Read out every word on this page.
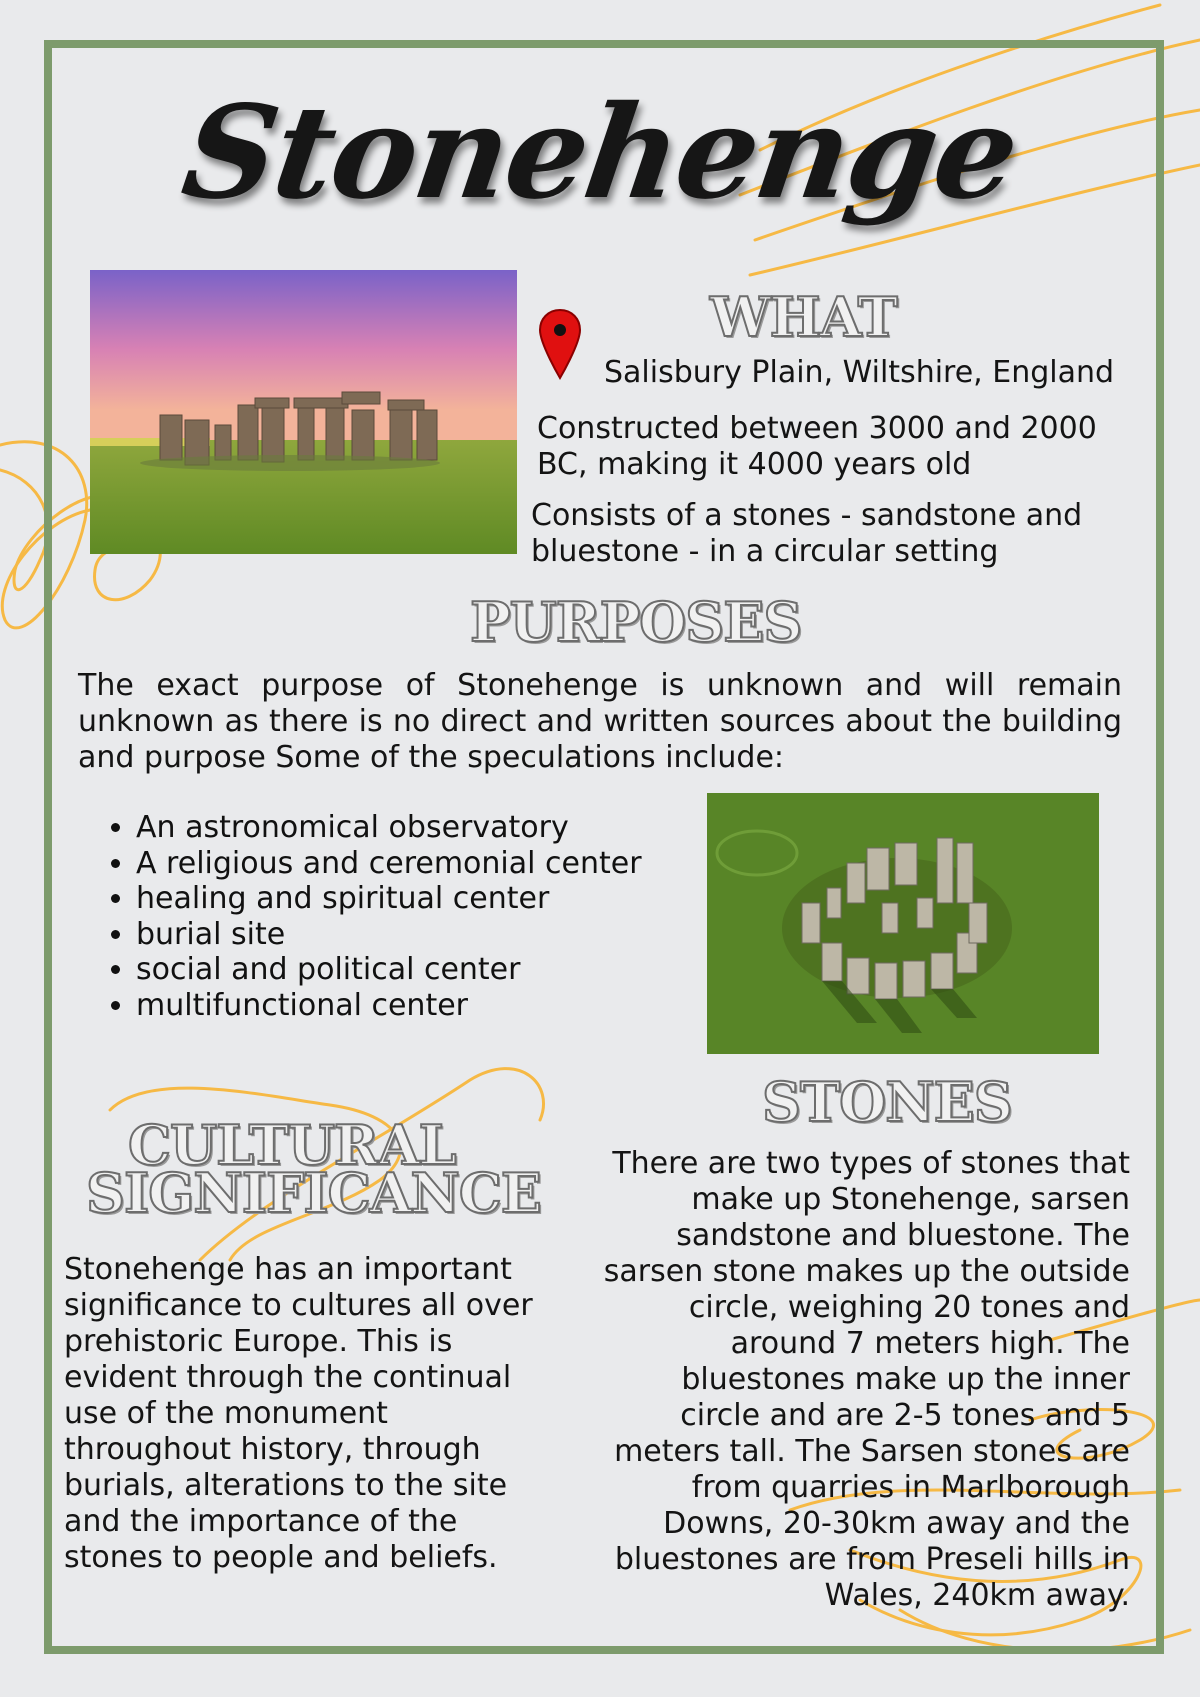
Stonehenge
WHAT
Salisbury Plain, Wiltshire, England
Constructed between 3000 and 2000 BC, making it 4000 years old
Consists of a stones - sandstone and bluestone - in a circular setting
PURPOSES
The exact purpose of Stonehenge is unknown and will remain unknown as there is no direct and written sources about the building and purpose Some of the speculations include:
• An astronomical observatory
• A religious and ceremonial center
• healing and spiritual center
• burial site
• social and political center
• multifunctional center
STONES
There are two types of stones that make up Stonehenge, sarsen sandstone and bluestone. The sarsen stone makes up the outside circle, weighing 20 tones and around 7 meters high. The bluestones make up the inner circle and are 2-5 tones and 5 meters tall. The Sarsen stones are from quarries in Marlborough Downs, 20-30km away and the bluestones are from Preseli hills in Wales, 240km away.
CULTURAL
SIGNIFICANCE
Stonehenge has an important significance to cultures all over prehistoric Europe. This is evident through the continual use of the monument throughout history, through burials, alterations to the site and the importance of the stones to people and beliefs.
